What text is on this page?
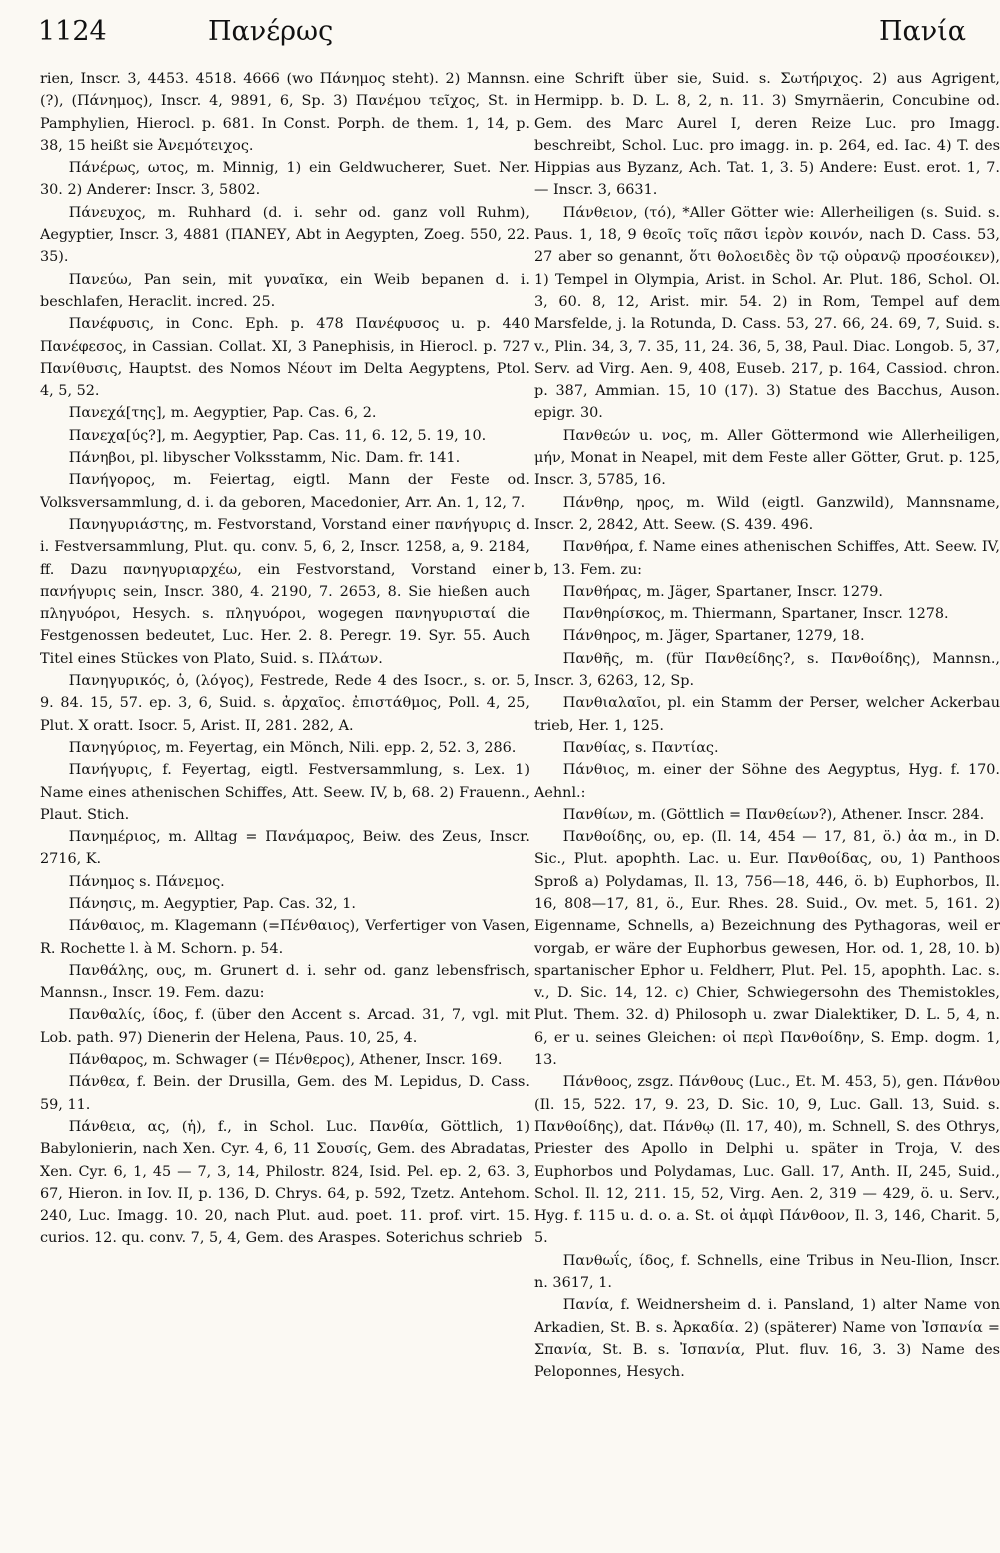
1124	Πανέρως	Πανία

rien, Inscr. 3, 4453. 4518. 4666 (wo Πάνημος steht). 2) Mannsn. (?), (Πάνημος), Inscr. 4, 9891, 6, Sp. 3) Πανέμου τεῖχος, St. in Pamphylien, Hierocl. p. 681. In Const. Porph. de them. 1, 14, p. 38, 15 heißt sie Ἀνεμότειχος.

Πάνέρως, ωτος, m. Minnig, 1) ein Geldwucherer, Suet. Ner. 30. 2) Anderer: Inscr. 3, 5802.

Πάνευχος, m. Ruhhard (d. i. sehr od. ganz voll Ruhm), Aegyptier, Inscr. 3, 4881 (ΠΑΝΕΥ, Abt in Aegypten, Zoeg. 550, 22. 35).

Πανεύω, Pan sein, mit γυναῖκα, ein Weib bepanen d. i. beschlafen, Heraclit. incred. 25.

Πανέφυσις, in Conc. Eph. p. 478 Πανέφυσος u. p. 440 Πανέφεσος, in Cassian. Collat. XI, 3 Panephisis, in Hierocl. p. 727 Πανίθυσις, Hauptst. des Nomos Νέουτ im Delta Aegyptens, Ptol. 4, 5, 52.

Πανεχά[της], m. Aegyptier, Pap. Cas. 6, 2.

Πανεχα[ύς?], m. Aegyptier, Pap. Cas. 11, 6. 12, 5. 19, 10.

Πάνηβοι, pl. libyscher Volksstamm, Nic. Dam. fr. 141.

Πανήγορος, m. Feiertag, eigtl. Mann der Feste od. Volksversammlung, d. i. da geboren, Macedonier, Arr. An. 1, 12, 7.

Πανηγυριάστης, m. Festvorstand, Vorstand einer πανήγυρις d. i. Festversammlung, Plut. qu. conv. 5, 6, 2, Inscr. 1258, a, 9. 2184, ff. Dazu πανηγυριαρχέω, ein Festvorstand, Vorstand einer πανήγυρις sein, Inscr. 380, 4. 2190, 7. 2653, 8. Sie hießen auch πληγυόροι, Hesych. s. πληγυόροι, wogegen πανηγυρισταί die Festgenossen bedeutet, Luc. Her. 2. 8. Peregr. 19. Syr. 55. Auch Titel eines Stückes von Plato, Suid. s. Πλάτων.

Πανηγυρικός, ὁ, (λόγος), Festrede, Rede 4 des Isocr., s. or. 5, 9. 84. 15, 57. ep. 3, 6, Suid. s. ἀρχαῖος. ἐπιστάθμος, Poll. 4, 25, Plut. X oratt. Isocr. 5, Arist. II, 281. 282, A.

Πανηγύριος, m. Feyertag, ein Mönch, Nili. epp. 2, 52. 3, 286.

Πανήγυρις, f. Feyertag, eigtl. Festversammlung, s. Lex. 1) Name eines athenischen Schiffes, Att. Seew. IV, b, 68. 2) Frauenn., Plaut. Stich.

Πανημέριος, m. Alltag = Πανάμαρος, Beiw. des Zeus, Inscr. 2716, K.

Πάνημος s. Πάνεμος.

Πάνησις, m. Aegyptier, Pap. Cas. 32, 1.

Πάνθαιος, m. Klagemann (=Πένθαιος), Verfertiger von Vasen, R. Rochette l. à M. Schorn. p. 54.

Πανθάλης, ους, m. Grunert d. i. sehr od. ganz lebensfrisch, Mannsn., Inscr. 19. Fem. dazu:

Πανθαλίς, ίδος, f. (über den Accent s. Arcad. 31, 7, vgl. mit Lob. path. 97) Dienerin der Helena, Paus. 10, 25, 4.

Πάνθαρος, m. Schwager (= Πένθερος), Athener, Inscr. 169.

Πάνθεα, f. Bein. der Drusilla, Gem. des M. Lepidus, D. Cass. 59, 11.

Πάνθεια, ας, (ἡ), f., in Schol. Luc. Πανθία, Göttlich, 1) Babylonierin, nach Xen. Cyr. 4, 6, 11 Σουσίς, Gem. des Abradatas, Xen. Cyr. 6, 1, 45 — 7, 3, 14, Philostr. 824, Isid. Pel. ep. 2, 63. 3, 67, Hieron. in Iov. II, p. 136, D. Chrys. 64, p. 592, Tzetz. Antehom. 240, Luc. Imagg. 10. 20, nach Plut. aud. poet. 11. prof. virt. 15. curios. 12. qu. conv. 7, 5, 4, Gem. des Araspes. Soterichus schrieb

eine Schrift über sie, Suid. s. Σωτήριχος. 2) aus Agrigent, Hermipp. b. D. L. 8, 2, n. 11. 3) Smyrnäerin, Concubine od. Gem. des Marc Aurel I, deren Reize Luc. pro Imagg. beschreibt, Schol. Luc. pro imagg. in. p. 264, ed. Iac. 4) T. des Hippias aus Byzanz, Ach. Tat. 1, 3. 5) Andere: Eust. erot. 1, 7. — Inscr. 3, 6631.

Πάνθειον, (τό), *Aller Götter wie: Allerheiligen (s. Suid. s. Paus. 1, 18, 9 θεοῖς τοῖς πᾶσι ἱερὸν κοινόν, nach D. Cass. 53, 27 aber so genannt, ὅτι θολοειδὲς ὂν τῷ οὐρανῷ προσέοικεν), 1) Tempel in Olympia, Arist. in Schol. Ar. Plut. 186, Schol. Ol. 3, 60. 8, 12, Arist. mir. 54. 2) in Rom, Tempel auf dem Marsfelde, j. la Rotunda, D. Cass. 53, 27. 66, 24. 69, 7, Suid. s. v., Plin. 34, 3, 7. 35, 11, 24. 36, 5, 38, Paul. Diac. Longob. 5, 37, Serv. ad Virg. Aen. 9, 408, Euseb. 217, p. 164, Cassiod. chron. p. 387, Ammian. 15, 10 (17). 3) Statue des Bacchus, Auson. epigr. 30.

Πανθεών u. νος, m. Aller Göttermond wie Allerheiligen, μήν, Monat in Neapel, mit dem Feste aller Götter, Grut. p. 125, Inscr. 3, 5785, 16.

Πάνθηρ, ηρος, m. Wild (eigtl. Ganzwild), Mannsname, Inscr. 2, 2842, Att. Seew. (S. 439. 496.

Πανθήρα, f. Name eines athenischen Schiffes, Att. Seew. IV, b, 13. Fem. zu:

Πανθήρας, m. Jäger, Spartaner, Inscr. 1279.

Πανθηρίσκος, m. Thiermann, Spartaner, Inscr. 1278.

Πάνθηρος, m. Jäger, Spartaner, 1279, 18.

Πανθῆς, m. (für Πανθείδης?, s. Πανθοίδης), Mannsn., Inscr. 3, 6263, 12, Sp.

Πανθιαλαῖοι, pl. ein Stamm der Perser, welcher Ackerbau trieb, Her. 1, 125.

Πανθίας, s. Παντίας.

Πάνθιος, m. einer der Söhne des Aegyptus, Hyg. f. 170. Aehnl.:

Πανθίων, m. (Göttlich = Πανθείων?), Athener. Inscr. 284.

Πανθοίδης, ου, ep. (Il. 14, 454 — 17, 81, ö.) ἀα m., in D. Sic., Plut. apophth. Lac. u. Eur. Πανθοίδας, ου, 1) Panthoos Sproß a) Polydamas, Il. 13, 756—18, 446, ö. b) Euphorbos, Il. 16, 808—17, 81, ö., Eur. Rhes. 28. Suid., Ov. met. 5, 161. 2) Eigenname, Schnells, a) Bezeichnung des Pythagoras, weil er vorgab, er wäre der Euphorbus gewesen, Hor. od. 1, 28, 10. b) spartanischer Ephor u. Feldherr, Plut. Pel. 15, apophth. Lac. s. v., D. Sic. 14, 12. c) Chier, Schwiegersohn des Themistokles, Plut. Them. 32. d) Philosoph u. zwar Dialektiker, D. L. 5, 4, n. 6, er u. seines Gleichen: οἱ περὶ Πανθοίδην, S. Emp. dogm. 1, 13.

Πάνθοος, zsgz. Πάνθους (Luc., Et. M. 453, 5), gen. Πάνθου (Il. 15, 522. 17, 9. 23, D. Sic. 10, 9, Luc. Gall. 13, Suid. s. Πανθοίδης), dat. Πάνθῳ (Il. 17, 40), m. Schnell, S. des Othrys, Priester des Apollo in Delphi u. später in Troja, V. des Euphorbos und Polydamas, Luc. Gall. 17, Anth. II, 245, Suid., Schol. Il. 12, 211. 15, 52, Virg. Aen. 2, 319 — 429, ö. u. Serv., Hyg. f. 115 u. d. o. a. St. οἱ ἀμφὶ Πάνθοον, Il. 3, 146, Charit. 5, 5.

Πανθωΐς, ίδος, f. Schnells, eine Tribus in Neu-Ilion, Inscr. n. 3617, 1.

Πανία, f. Weidnersheim d. i. Pansland, 1) alter Name von Arkadien, St. B. s. Ἀρκαδία. 2) (späterer) Name von Ἰσπανία = Σπανία, St. B. s. Ἰσπανία, Plut. fluv. 16, 3. 3) Name des Peloponnes, Hesych.
